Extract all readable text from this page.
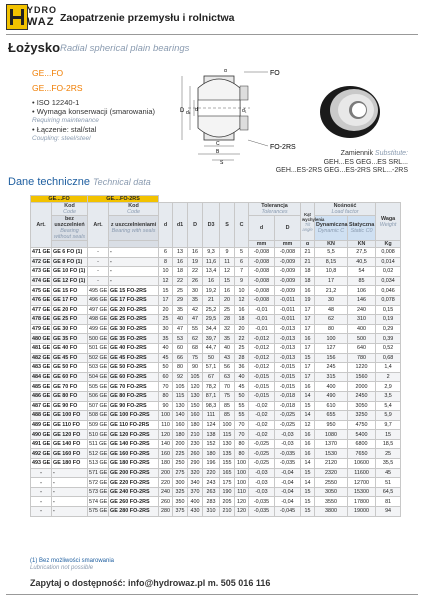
YDRO
WAZ Zaopatrzenie przemysłu i rolnictwa
Łożysko Radial spherical plain bearings
GE...FO
GE...FO-2RS
• ISO 12240-1
• Wymaga konserwacji (smarowania)
Requiring maintenance
• Łączenie: stal/stal
Coupling: steel/steel
D dₖ d	d₁
α
C
B
S
FO
FO-2RS
Zamiennik Substitute:
GEH...ES GEG...ES SRL...
GEH...ES-2RS GEG...ES-2RS SRL...-2RS
Dane techniczne Technical data
GE....FO		GE....FO-2RS													
Art.	Kod
Code	Art.	Kod
Code	d	d1	D	D3	S	C	Tolerancja
Tolerances		Kąt wychylenia
Tilt angle	Nośność
Load factor		Waga
Weight

	bez uszczelnień
Bearing without seals		z uszczelnieniami
Bearing with seals							d	D		Dynamiczna
Dynamic C	Statyczna
Static C0	

										mm	mm	α	KN	KN	Kg
471 GE	GE 6 FO (1)	-	-	6	13	16	9,3	9	5	-0,008	-0,008	21	5,5	27,5	0,008
472 GE	GE 8 FO (1)	-	-	8	16	19	11,6	11	6	-0,008	-0,009	21	8,15	40,5	0,014
473 GE	GE 10 FO (1)	-	-	10	18	22	13,4	12	7	-0,008	-0,009	18	10,8	54	0,02
474 GE	GE 12 FO (1)	-	-	12	22	26	16	15	9	-0,008	-0,009	18	17	85	0,034
475 GE	GE 15 FO	495 GE	GE 15 FO-2RS	15	25	30	19,2	16	10	-0,008	-0,009	16	21,2	106	0,046
476 GE	GE 17 FO	496 GE	GE 17 FO-2RS	17	29	35	21	20	12	-0,008	-0,011	19	30	146	0,078
477 GE	GE 20 FO	497 GE	GE 20 FO-2RS	20	35	42	25,2	25	16	-0,01	-0,011	17	48	240	0,15
478 GE	GE 25 FO	498 GE	GE 25 FO-2RS	25	40	47	29,5	28	18	-0,01	-0,011	17	62	310	0,19
479 GE	GE 30 FO	499 GE	GE 30 FO-2RS	30	47	55	34,4	32	20	-0,01	-0,013	17	80	400	0,29
480 GE	GE 35 FO	500 GE	GE 35 FO-2RS	35	53	62	39,7	35	22	-0,012	-0,013	16	100	500	0,39
481 GE	GE 40 FO	501 GE	GE 40 FO-2RS	40	60	68	44,7	40	25	-0,012	-0,013	17	127	640	0,52
482 GE	GE 45 FO	502 GE	GE 45 FO-2RS	45	66	75	50	43	28	-0,012	-0,013	15	156	780	0,68
483 GE	GE 50 FO	503 GE	GE 50 FO-2RS	50	80	90	57,1	56	36	-0,012	-0,015	17	245	1220	1,4
484 GE	GE 60 FO	504 GE	GE 60 FO-2RS	60	92	105	67	63	40	-0,015	-0,015	17	315	1560	2
485 GE	GE 70 FO	505 GE	GE 70 FO-2RS	70	105	120	78,2	70	45	-0,015	-0,015	16	400	2000	2,9
486 GE	GE 80 FO	506 GE	GE 80 FO-2RS	80	115	130	87,1	75	50	-0,015	-0,018	14	490	2450	3,5
487 GE	GE 90 FO	507 GE	GE 90 FO-2RS	90	130	150	98,3	85	55	-0,02	-0,018	15	610	3050	5,4
488 GE	GE 100 FO	508 GE	GE 100 FO-2RS	100	140	160	111	85	55	-0,02	-0,025	14	655	3250	5,9
489 GE	GE 110 FO	509 GE	GE 110 FO-2RS	110	160	180	124	100	70	-0,02	-0,025	12	950	4750	9,7
490 GE	GE 120 FO	510 GE	GE 120 FO-2RS	120	180	210	138	115	70	-0,02	-0,03	16	1080	5400	15
491 GE	GE 140 FO	511 GE	GE 140 FO-2RS	140	200	230	152	130	80	-0,025	-0,03	16	1370	6800	18,5
492 GE	GE 160 FO	512 GE	GE 160 FO-2RS	160	225	260	180	135	80	-0,025	-0,035	16	1530	7650	25
493 GE	GE 180 FO	513 GE	GE 180 FO-2RS	180	250	290	196	155	100	-0,025	-0,035	14	2120	10600	35,5
-	-	571 GE	GE 200 FO-2RS	200	275	320	220	165	100	-0,03	-0,04	15	2320	11600	45
-	-	572 GE	GE 220 FO-2RS	220	300	340	243	175	100	-0,03	-0,04	14	2550	12700	51
-	-	573 GE	GE 240 FO-2RS	240	325	370	263	190	110	-0,03	-0,04	15	3050	15300	64,5
-	-	574 GE	GE 260 FO-2RS	260	350	400	283	205	120	-0,035	-0,04	15	3550	17800	81
-	-	575 GE	GE 280 FO-2RS	280	375	430	310	210	120	-0,035	-0,045	15	3800	19000	94
(1) Bez możliwości smarowania
Lubrication not possible
Zapytaj o dostępność: info@hydrowaz.pl m. 505 016 116
